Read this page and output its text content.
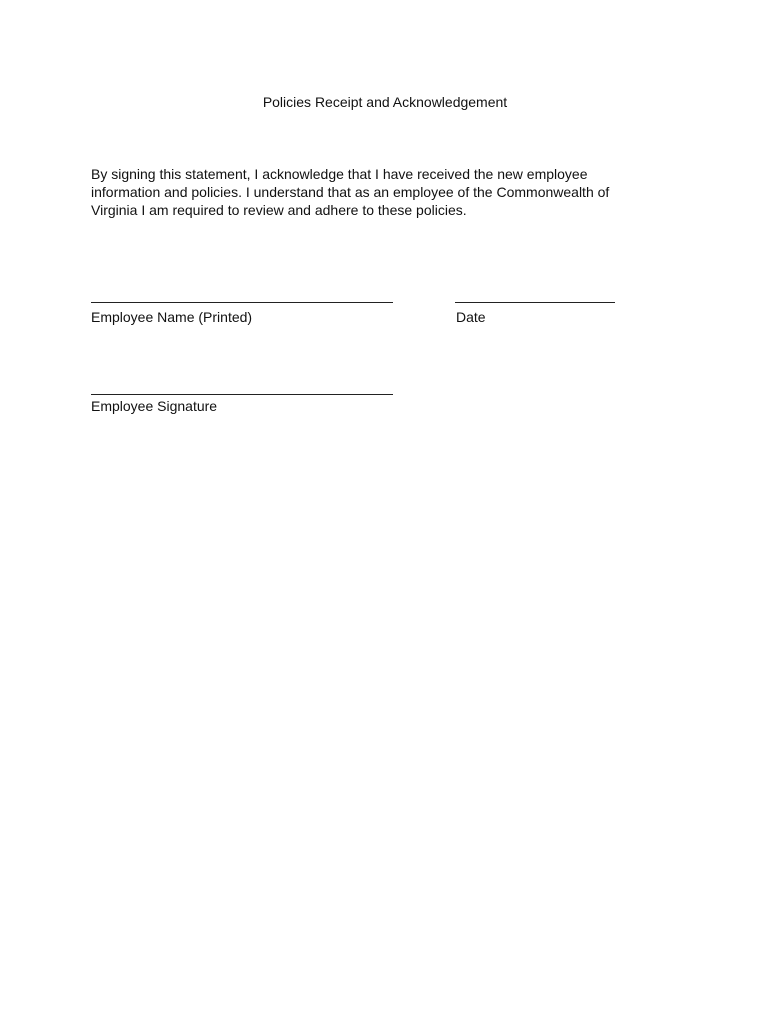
Policies Receipt and Acknowledgement

By signing this statement, I acknowledge that I have received the new employee
information and policies. I understand that as an employee of the Commonwealth of
Virginia I am required to review and adhere to these policies.

Employee Name (Printed)	Date
Employee Signature
